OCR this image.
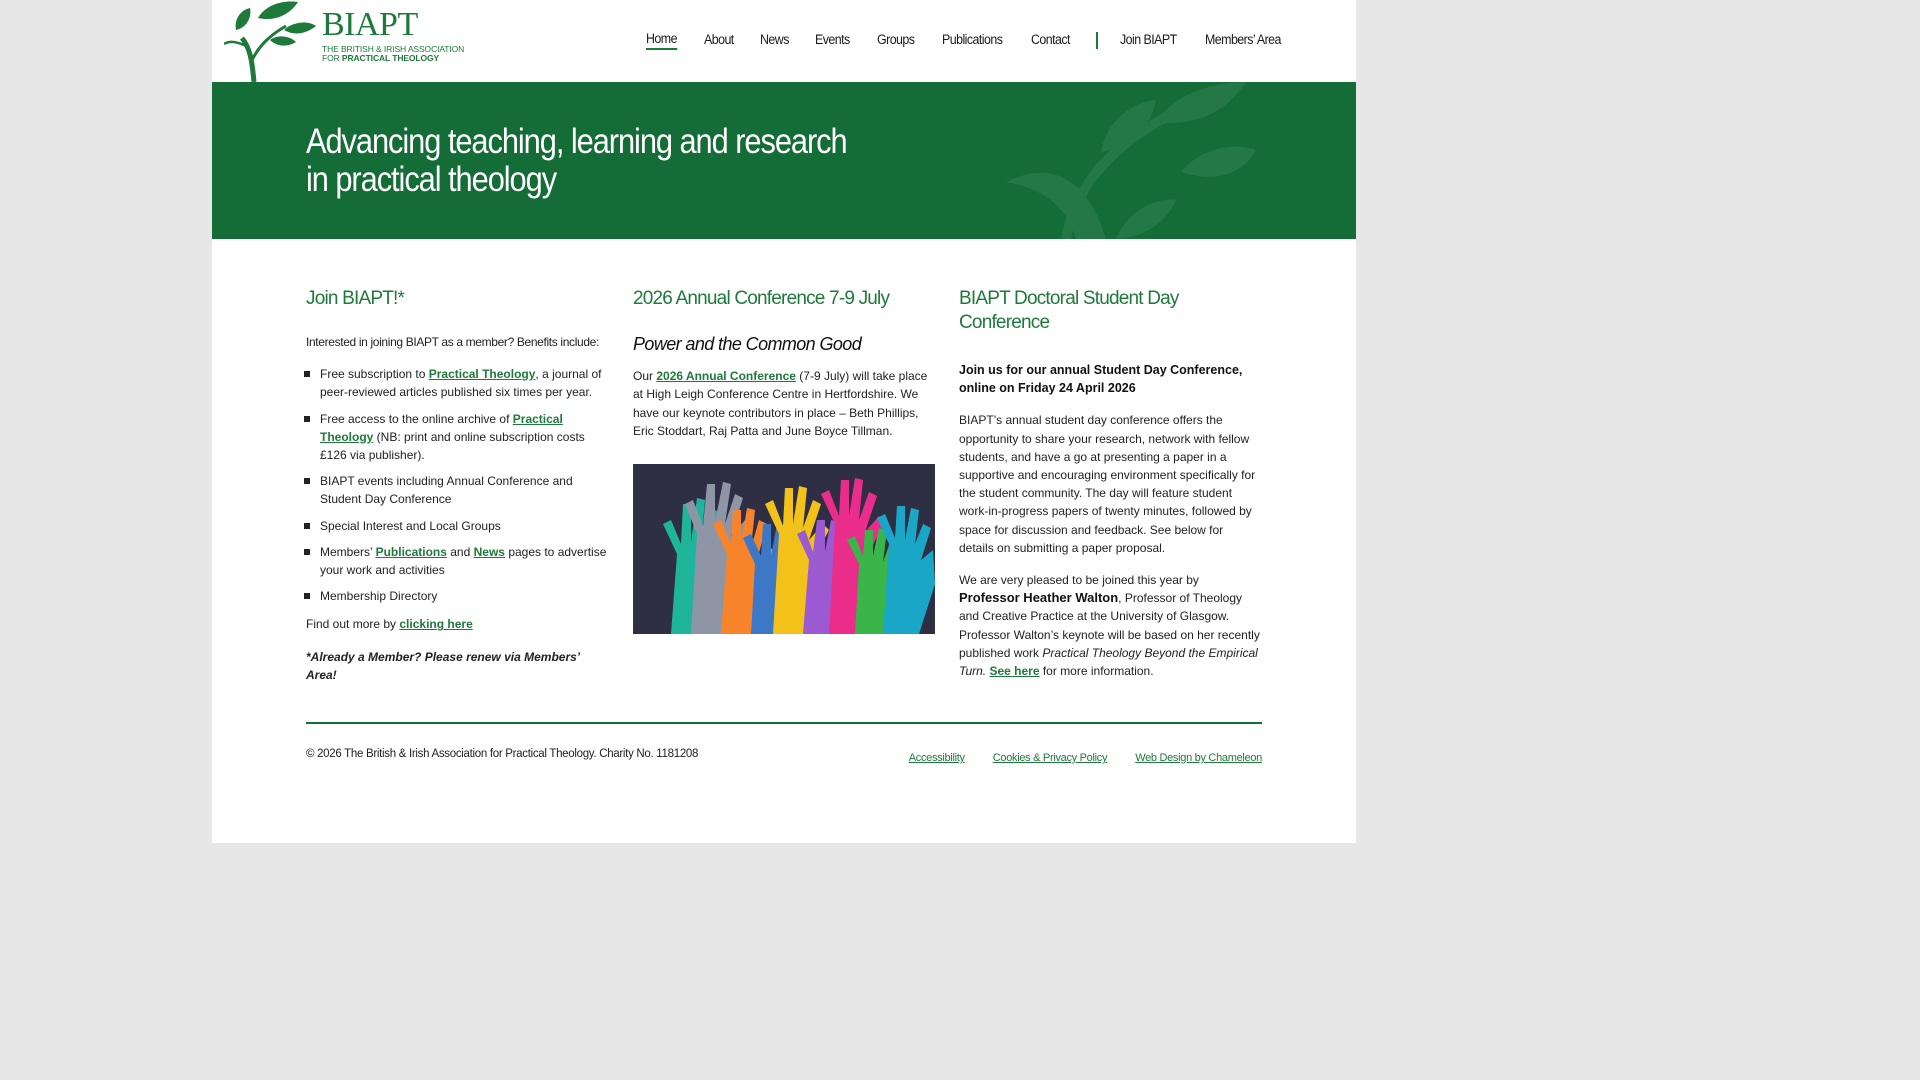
BIAPT
THE BRITISH & IRISH ASSOCIATION
FOR PRACTICAL THEOLOGY
Home About News Events Groups Publications Contact	Join BIAPT Members’ Area
Advancing teaching, learning and research
in practical theology
Join BIAPT!*

Interested in joining BIAPT as a member? Benefits include:

Free subscription to Practical Theology, a journal of peer-reviewed articles published six times per year.
Free access to the online archive of Practical Theology (NB: print and online subscription costs £126 via publisher).
BIAPT events including Annual Conference and Student Day Conference
Special Interest and Local Groups
Members’ Publications and News pages to advertise your work and activities
Membership Directory

Find out more by clicking here

*Already a Member? Please renew via Members’ Area!

2026 Annual Conference 7-9 July
Power and the Common Good

Our 2026 Annual Conference (7-9 July) will take place at High Leigh Conference Centre in Hertfordshire. We have our keynote contributors in place – Beth Phillips, Eric Stoddart, Raj Patta and June Boyce Tillman.

BIAPT Doctoral Student Day Conference

Join us for our annual Student Day Conference, online on Friday 24 April 2026

BIAPT’s annual student day conference offers the opportunity to share your research, network with fellow students, and have a go at presenting a paper in a supportive and encouraging environment specifically for the student community. The day will feature student work-in-progress papers of twenty minutes, followed by space for discussion and feedback. See below for details on submitting a paper proposal.

We are very pleased to be joined this year by Professor Heather Walton, Professor of Theology and Creative Practice at the University of Glasgow. Professor Walton’s keynote will be based on her recently published work Practical Theology Beyond the Empirical Turn. See here for more information.

© 2026 The British & Irish Association for Practical Theology. Charity No. 1181208	Accessibility	Cookies & Privacy Policy	Web Design by Chameleon
